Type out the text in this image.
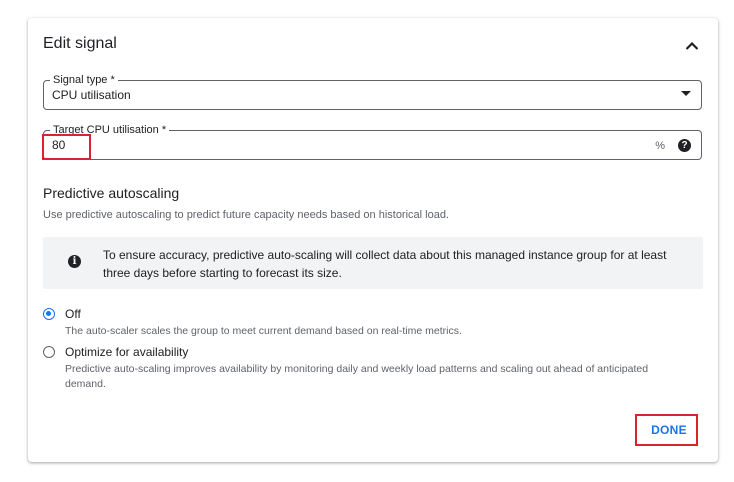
Edit signal
Signal type *
CPU utilisation
Target CPU utilisation *
80	%	?
Predictive autoscaling
Use predictive autoscaling to predict future capacity needs based on historical load.
i	To ensure accuracy, predictive auto-scaling will collect data about this managed instance group for at least three days before starting to forecast its size.
Off
The auto-scaler scales the group to meet current demand based on real-time metrics.
Optimize for availability
Predictive auto-scaling improves availability by monitoring daily and weekly load patterns and scaling out ahead of anticipated demand.
DONE
